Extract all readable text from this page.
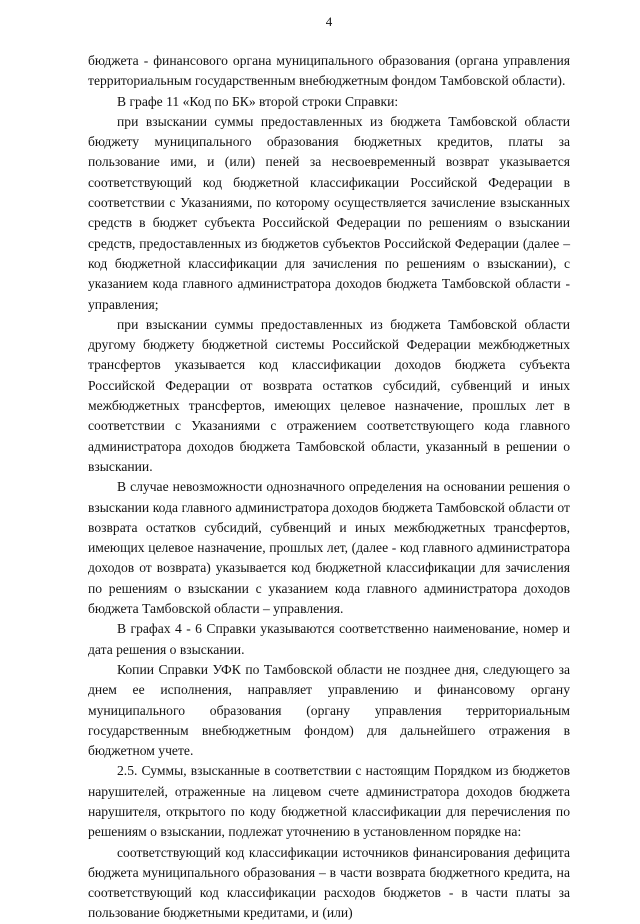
4

бюджета - финансового органа муниципального образования (органа управления территориальным государственным внебюджетным фондом Тамбовской области).

В графе 11 «Код по БК» второй строки Справки:

при взыскании суммы предоставленных из бюджета Тамбовской области бюджету муниципального образования бюджетных кредитов, платы за пользование ими, и (или) пеней за несвоевременный возврат указывается соответствующий код бюджетной классификации Российской Федерации в соответствии с Указаниями, по которому осуществляется зачисление взысканных средств в бюджет субъекта Российской Федерации по решениям о взыскании средств, предоставленных из бюджетов субъектов Российской Федерации (далее – код бюджетной классификации для зачисления по решениям о взыскании), с указанием кода главного администратора доходов бюджета Тамбовской области - управления;

при взыскании суммы предоставленных из бюджета Тамбовской области другому бюджету бюджетной системы Российской Федерации межбюджетных трансфертов указывается код классификации доходов бюджета субъекта Российской Федерации от возврата остатков субсидий, субвенций и иных межбюджетных трансфертов, имеющих целевое назначение, прошлых лет в соответствии с Указаниями с отражением соответствующего кода главного администратора доходов бюджета Тамбовской области, указанный в решении о взыскании.

В случае невозможности однозначного определения на основании решения о взыскании кода главного администратора доходов бюджета Тамбовской области от возврата остатков субсидий, субвенций и иных межбюджетных трансфертов, имеющих целевое назначение, прошлых лет, (далее - код главного администратора доходов от возврата) указывается код бюджетной классификации для зачисления по решениям о взыскании с указанием кода главного администратора доходов бюджета Тамбовской области – управления.

В графах 4 - 6 Справки указываются соответственно наименование, номер и дата решения о взыскании.

Копии Справки УФК по Тамбовской области не позднее дня, следующего за днем ее исполнения, направляет управлению и финансовому органу муниципального образования (органу управления территориальным государственным внебюджетным фондом) для дальнейшего отражения в бюджетном учете.

2.5. Суммы, взысканные в соответствии с настоящим Порядком из бюджетов нарушителей, отраженные на лицевом счете администратора доходов бюджета нарушителя, открытого по коду бюджетной классификации для перечисления по решениям о взыскании, подлежат уточнению в установленном порядке на:

соответствующий код классификации источников финансирования дефицита бюджета муниципального образования – в части возврата бюджетного кредита, на соответствующий код классификации расходов бюджетов - в части платы за пользование бюджетными кредитами, и (или)
